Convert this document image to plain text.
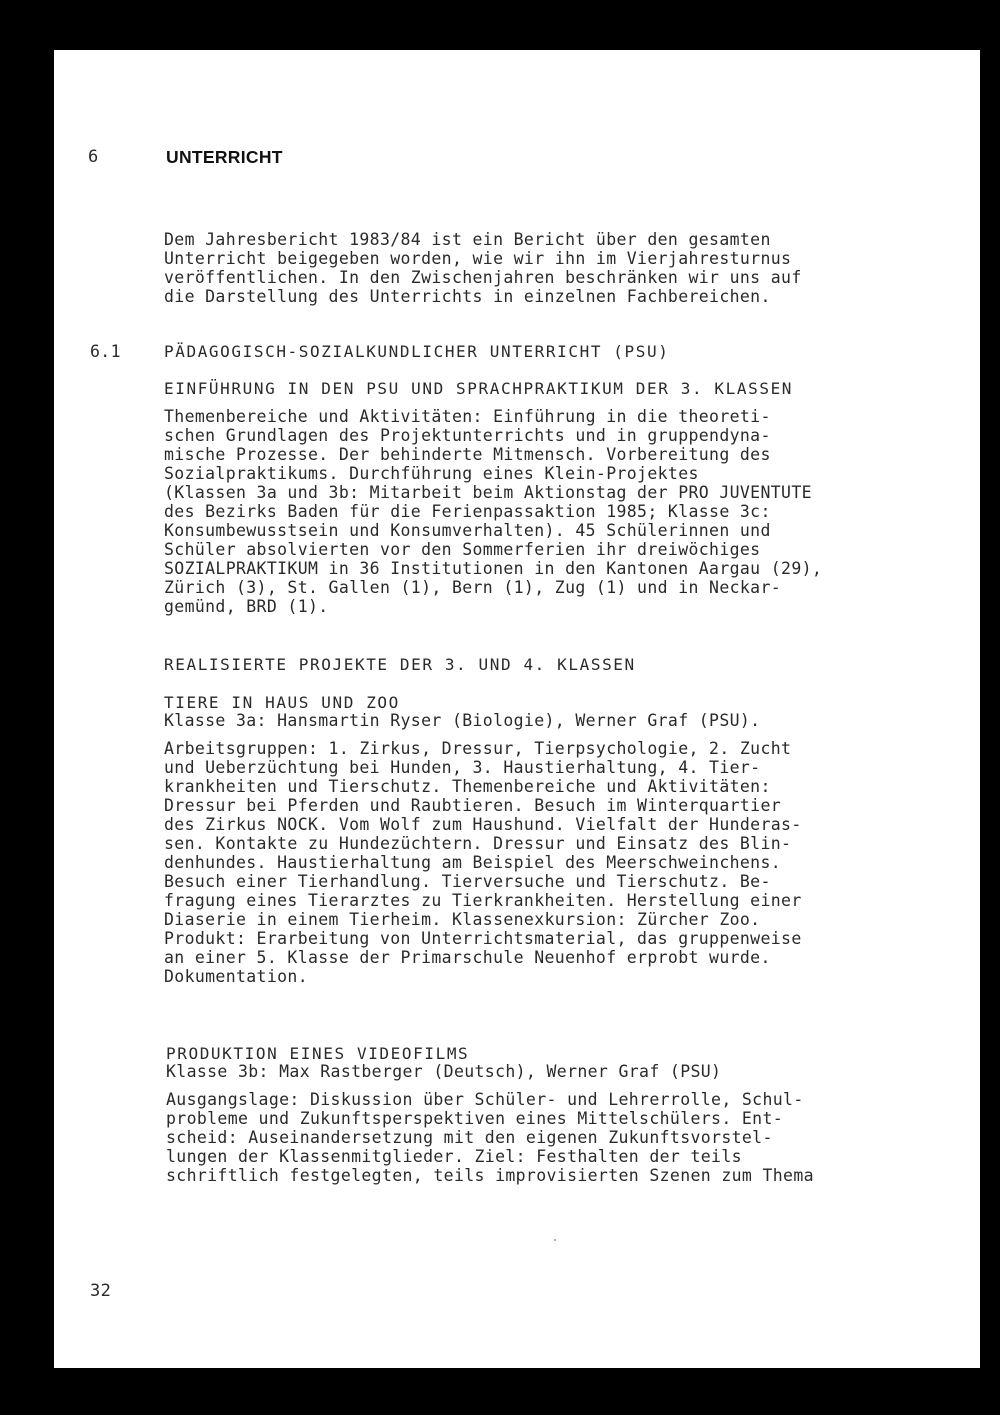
6	UNTERRICHT
Dem Jahresbericht 1983/84 ist ein Bericht über den gesamten
Unterricht beigegeben worden, wie wir ihn im Vierjahresturnus
veröffentlichen. In den Zwischenjahren beschränken wir uns auf
die Darstellung des Unterrichts in einzelnen Fachbereichen.
6.1	PÄDAGOGISCH-SOZIALKUNDLICHER UNTERRICHT (PSU)
EINFÜHRUNG IN DEN PSU UND SPRACHPRAKTIKUM DER 3. KLASSEN
Themenbereiche und Aktivitäten: Einführung in die theoreti-
schen Grundlagen des Projektunterrichts und in gruppendyna-
mische Prozesse. Der behinderte Mitmensch. Vorbereitung des
Sozialpraktikums. Durchführung eines Klein-Projektes
(Klassen 3a und 3b: Mitarbeit beim Aktionstag der PRO JUVENTUTE
des Bezirks Baden für die Ferienpassaktion 1985; Klasse 3c:
Konsumbewusstsein und Konsumverhalten). 45 Schülerinnen und
Schüler absolvierten vor den Sommerferien ihr dreiwöchiges
SOZIALPRAKTIKUM in 36 Institutionen in den Kantonen Aargau (29),
Zürich (3), St. Gallen (1), Bern (1), Zug (1) und in Neckar-
gemünd, BRD (1).
REALISIERTE PROJEKTE DER 3. UND 4. KLASSEN
TIERE IN HAUS UND ZOO
Klasse 3a: Hansmartin Ryser (Biologie), Werner Graf (PSU).
Arbeitsgruppen: 1. Zirkus, Dressur, Tierpsychologie, 2. Zucht
und Ueberzüchtung bei Hunden, 3. Haustierhaltung, 4. Tier-
krankheiten und Tierschutz. Themenbereiche und Aktivitäten:
Dressur bei Pferden und Raubtieren. Besuch im Winterquartier
des Zirkus NOCK. Vom Wolf zum Haushund. Vielfalt der Hunderas-
sen. Kontakte zu Hundezüchtern. Dressur und Einsatz des Blin-
denhundes. Haustierhaltung am Beispiel des Meerschweinchens.
Besuch einer Tierhandlung. Tierversuche und Tierschutz. Be-
fragung eines Tierarztes zu Tierkrankheiten. Herstellung einer
Diaserie in einem Tierheim. Klassenexkursion: Zürcher Zoo.
Produkt: Erarbeitung von Unterrichtsmaterial, das gruppenweise
an einer 5. Klasse der Primarschule Neuenhof erprobt wurde.
Dokumentation.
PRODUKTION EINES VIDEOFILMS
Klasse 3b: Max Rastberger (Deutsch), Werner Graf (PSU)
Ausgangslage: Diskussion über Schüler- und Lehrerrolle, Schul-
probleme und Zukunftsperspektiven eines Mittelschülers. Ent-
scheid: Auseinandersetzung mit den eigenen Zukunftsvorstel-
lungen der Klassenmitglieder. Ziel: Festhalten der teils
schriftlich festgelegten, teils improvisierten Szenen zum Thema
32
